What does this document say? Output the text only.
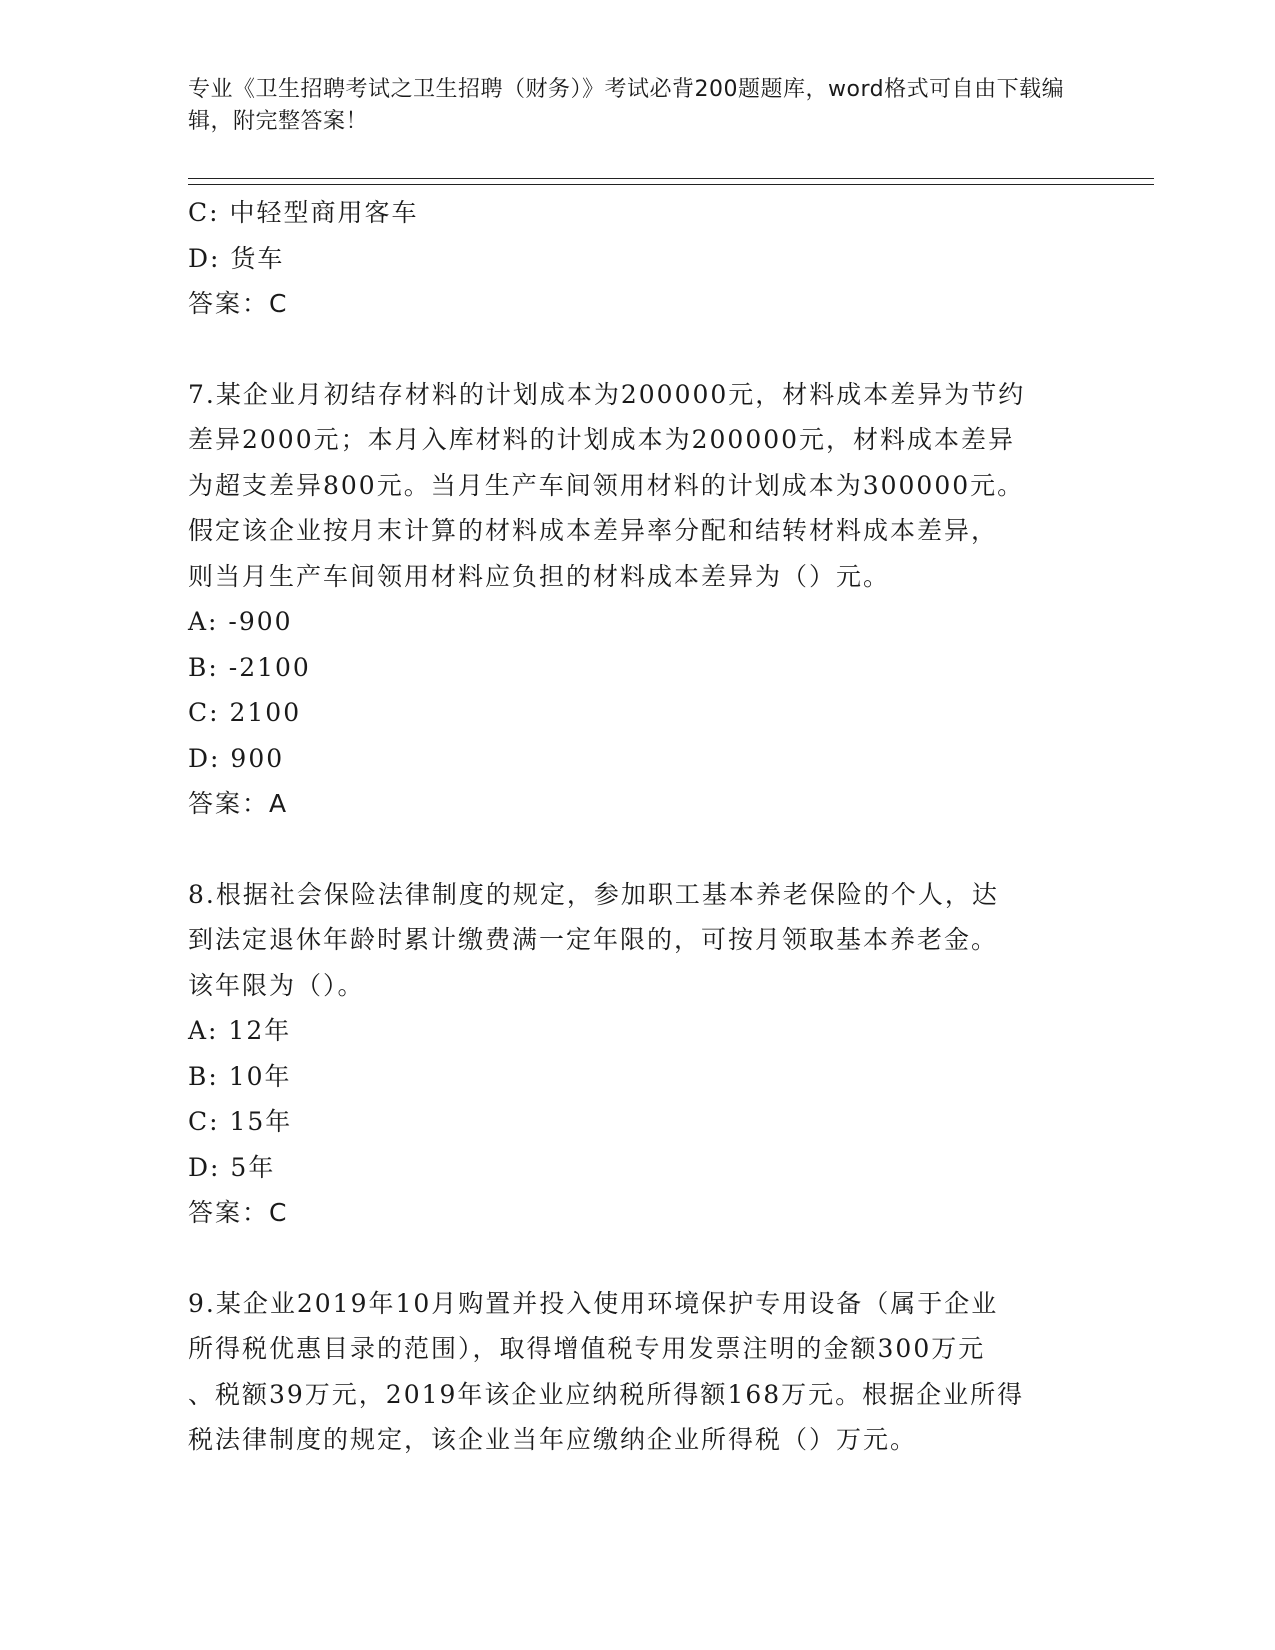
专业《卫生招聘考试之卫生招聘（财务）》考试必背200题题库，word格式可自由下载编辑，附完整答案！
C: 中轻型商用客车
D: 货车
答案：C
7.某企业月初结存材料的计划成本为200000元，材料成本差异为节约
差异2000元；本月入库材料的计划成本为200000元，材料成本差异
为超支差异800元。当月生产车间领用材料的计划成本为300000元。
假定该企业按月末计算的材料成本差异率分配和结转材料成本差异，
则当月生产车间领用材料应负担的材料成本差异为（）元。
A: -900
B: -2100
C: 2100
D: 900
答案：A
8.根据社会保险法律制度的规定，参加职工基本养老保险的个人，达
到法定退休年龄时累计缴费满一定年限的，可按月领取基本养老金。
该年限为（）。
A: 12年
B: 10年
C: 15年
D: 5年
答案：C
9.某企业2019年10月购置并投入使用环境保护专用设备（属于企业
所得税优惠目录的范围），取得增值税专用发票注明的金额300万元
、税额39万元，2019年该企业应纳税所得额168万元。根据企业所得
税法律制度的规定，该企业当年应缴纳企业所得税（）万元。
